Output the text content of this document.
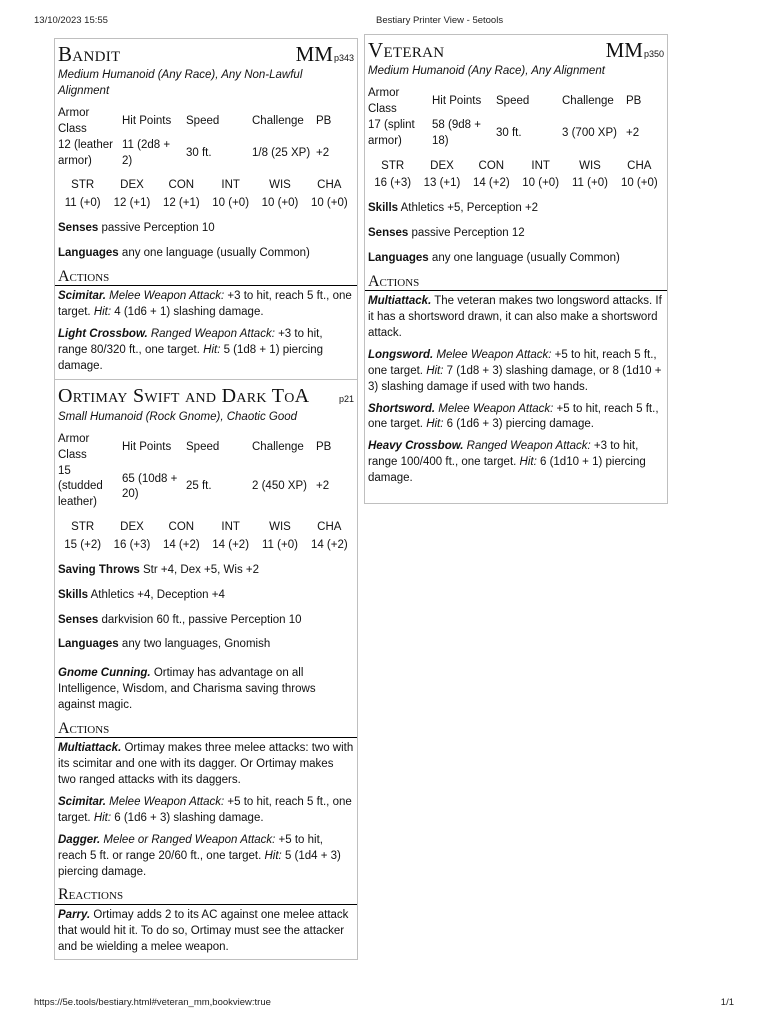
13/10/2023 15:55	Bestiary Printer View - 5etools
Bandit	MMp343
Medium Humanoid (Any Race), Any Non-Lawful Alignment
Armor Class	Hit Points	Speed	Challenge	PB
12 (leather armor)	11 (2d8 + 2)	30 ft.	1/8 (25 XP)	+2
STR	DEX	CON	INT	WIS	CHA
11 (+0)	12 (+1)	12 (+1)	10 (+0)	10 (+0)	10 (+0)
Senses passive Perception 10
Languages any one language (usually Common)
Actions
Scimitar. Melee Weapon Attack: +3 to hit, reach 5 ft., one target. Hit: 4 (1d6 + 1) slashing damage.
Light Crossbow. Ranged Weapon Attack: +3 to hit, range 80/320 ft., one target. Hit: 5 (1d8 + 1) piercing damage.
Ortimay Swift and Dark ToA	p21
Small Humanoid (Rock Gnome), Chaotic Good
Armor Class	Hit Points	Speed	Challenge	PB
15 (studded leather)	65 (10d8 + 20)	25 ft.	2 (450 XP)	+2
STR	DEX	CON	INT	WIS	CHA
15 (+2)	16 (+3)	14 (+2)	14 (+2)	11 (+0)	14 (+2)
Saving Throws Str +4, Dex +5, Wis +2
Skills Athletics +4, Deception +4
Senses darkvision 60 ft., passive Perception 10
Languages any two languages, Gnomish
Gnome Cunning. Ortimay has advantage on all Intelligence, Wisdom, and Charisma saving throws against magic.
Actions
Multiattack. Ortimay makes three melee attacks: two with its scimitar and one with its dagger. Or Ortimay makes two ranged attacks with its daggers.
Scimitar. Melee Weapon Attack: +5 to hit, reach 5 ft., one target. Hit: 6 (1d6 + 3) slashing damage.
Dagger. Melee or Ranged Weapon Attack: +5 to hit, reach 5 ft. or range 20/60 ft., one target. Hit: 5 (1d4 + 3) piercing damage.
Reactions
Parry. Ortimay adds 2 to its AC against one melee attack that would hit it. To do so, Ortimay must see the attacker and be wielding a melee weapon.
Veteran	MMp350
Medium Humanoid (Any Race), Any Alignment
Armor Class	Hit Points	Speed	Challenge	PB
17 (splint armor)	58 (9d8 + 18)	30 ft.	3 (700 XP)	+2
STR	DEX	CON	INT	WIS	CHA
16 (+3)	13 (+1)	14 (+2)	10 (+0)	11 (+0)	10 (+0)
Skills Athletics +5, Perception +2
Senses passive Perception 12
Languages any one language (usually Common)
Actions
Multiattack. The veteran makes two longsword attacks. If it has a shortsword drawn, it can also make a shortsword attack.
Longsword. Melee Weapon Attack: +5 to hit, reach 5 ft., one target. Hit: 7 (1d8 + 3) slashing damage, or 8 (1d10 + 3) slashing damage if used with two hands.
Shortsword. Melee Weapon Attack: +5 to hit, reach 5 ft., one target. Hit: 6 (1d6 + 3) piercing damage.
Heavy Crossbow. Ranged Weapon Attack: +3 to hit, range 100/400 ft., one target. Hit: 6 (1d10 + 1) piercing damage.
https://5e.tools/bestiary.html#veteran_mm,bookview:true	1/1
